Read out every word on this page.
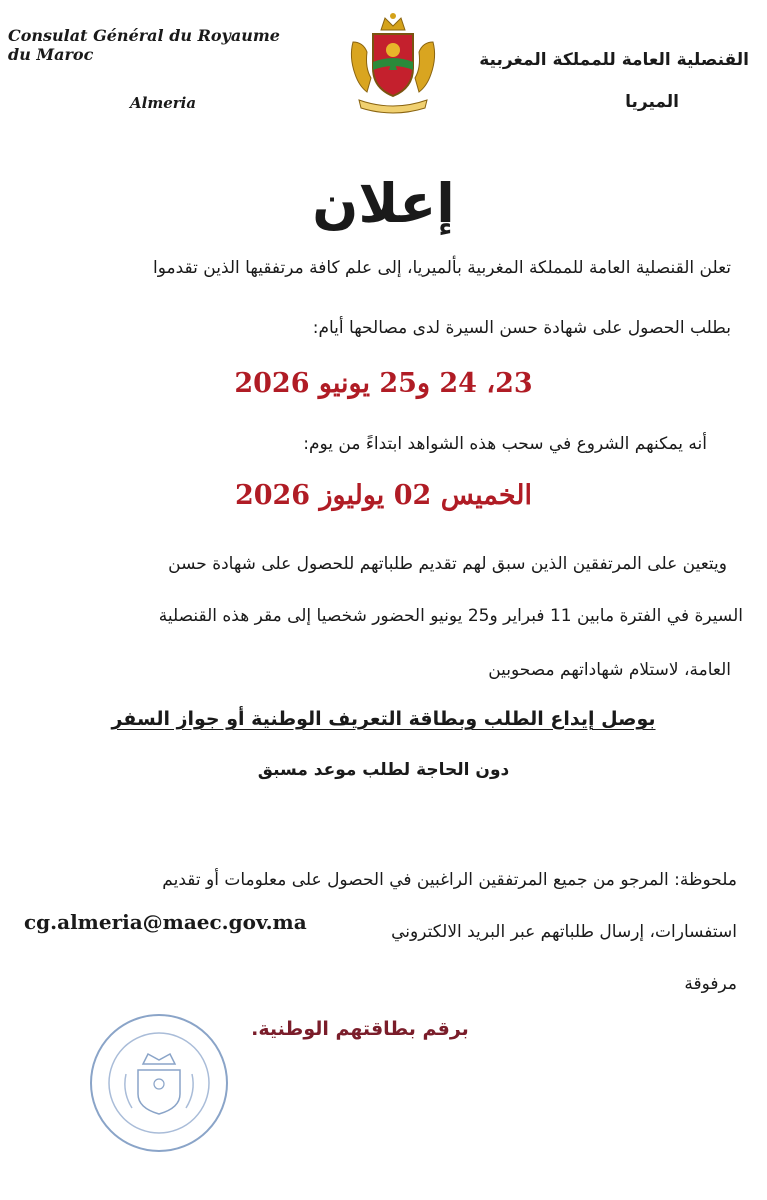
Consulat Général du Royaume du Maroc
Almeria
القنصلية العامة للمملكة المغربية
الميريا
إعلان
تعلن القنصلية العامة للمملكة المغربية بألميريا، إلى علم كافة مرتفقيها الذين تقدموا
بطلب الحصول على شهادة حسن السيرة لدى مصالحها أيام:
23، 24 و25 يونيو 2026
أنه يمكنهم الشروع في سحب هذه الشواهد ابتداءً من يوم:
الخميس 02 يوليوز 2026
ويتعين على المرتفقين الذين سبق لهم تقديم طلباتهم للحصول على شهادة حسن
السيرة في الفترة مابين 11 فبراير و25 يونيو الحضور شخصيا إلى مقر هذه القنصلية
العامة، لاستلام شهاداتهم مصحوبين
بوصل إيداع الطلب وبطاقة التعريف الوطنية أو جواز السفر
دون الحاجة لطلب موعد مسبق
ملحوظة: المرجو من جميع المرتفقين الراغبين في الحصول على معلومات أو تقديم
استفسارات، إرسال طلباتهم عبر البريد الالكتروني
cg.almeria@maec.gov.ma
مرفوقة
برقم بطاقتهم الوطنية.
